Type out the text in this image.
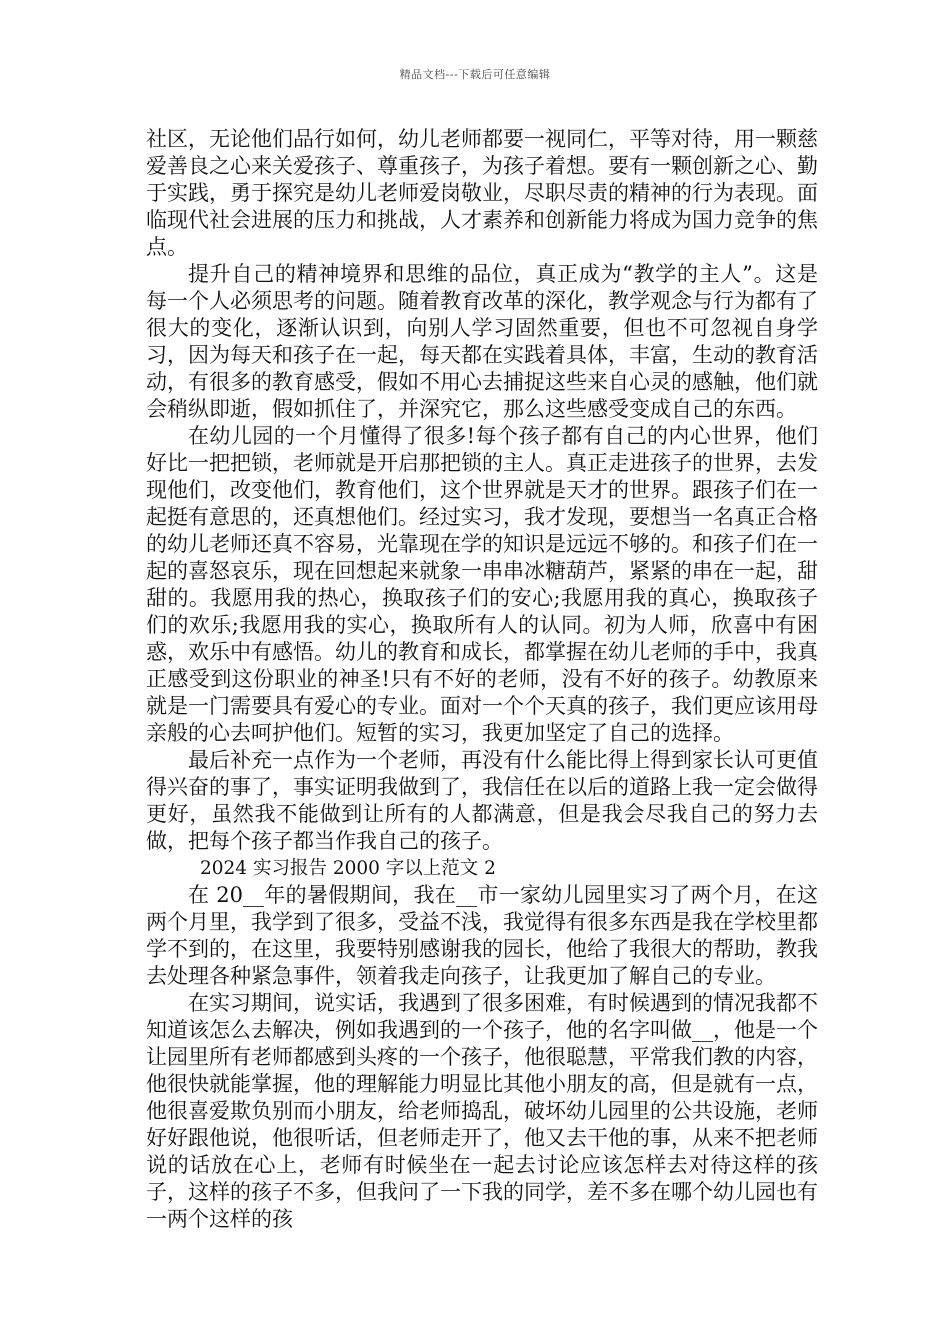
精品文档---下载后可任意编辑

社区，无论他们品行如何，幼儿老师都要一视同仁，平等对待，用一颗慈爱善良之心来关爱孩子、尊重孩子，为孩子着想。要有一颗创新之心、勤于实践，勇于探究是幼儿老师爱岗敬业，尽职尽责的精神的行为表现。面临现代社会进展的压力和挑战，人才素养和创新能力将成为国力竞争的焦点。

提升自己的精神境界和思维的品位，真正成为“教学的主人”。这是每一个人必须思考的问题。随着教育改革的深化，教学观念与行为都有了很大的变化，逐渐认识到，向别人学习固然重要，但也不可忽视自身学习，因为每天和孩子在一起，每天都在实践着具体，丰富，生动的教育活动，有很多的教育感受，假如不用心去捕捉这些来自心灵的感触，他们就会稍纵即逝，假如抓住了，并深究它，那么这些感受变成自己的东西。

在幼儿园的一个月懂得了很多!每个孩子都有自己的内心世界，他们好比一把把锁，老师就是开启那把锁的主人。真正走进孩子的世界，去发现他们，改变他们，教育他们，这个世界就是天才的世界。跟孩子们在一起挺有意思的，还真想他们。经过实习，我才发现，要想当一名真正合格的幼儿老师还真不容易，光靠现在学的知识是远远不够的。和孩子们在一起的喜怒哀乐，现在回想起来就象一串串冰糖葫芦，紧紧的串在一起，甜甜的。我愿用我的热心，换取孩子们的安心;我愿用我的真心，换取孩子们的欢乐;我愿用我的实心，换取所有人的认同。初为人师，欣喜中有困惑，欢乐中有感悟。幼儿的教育和成长，都掌握在幼儿老师的手中，我真正感受到这份职业的神圣!只有不好的老师，没有不好的孩子。幼教原来就是一门需要具有爱心的专业。面对一个个天真的孩子，我们更应该用母亲般的心去呵护他们。短暂的实习，我更加坚定了自己的选择。

最后补充一点作为一个老师，再没有什么能比得上得到家长认可更值得兴奋的事了，事实证明我做到了，我信任在以后的道路上我一定会做得更好，虽然我不能做到让所有的人都满意，但是我会尽我自己的努力去做，把每个孩子都当作我自己的孩子。

2024 实习报告 2000 字以上范文 2

在 20__年的暑假期间，我在__市一家幼儿园里实习了两个月，在这两个月里，我学到了很多，受益不浅，我觉得有很多东西是我在学校里都学不到的，在这里，我要特别感谢我的园长，他给了我很大的帮助，教我去处理各种紧急事件，领着我走向孩子，让我更加了解自己的专业。

在实习期间，说实话，我遇到了很多困难，有时候遇到的情况我都不知道该怎么去解决，例如我遇到的一个孩子，他的名字叫做__，他是一个让园里所有老师都感到头疼的一个孩子，他很聪慧，平常我们教的内容，他很快就能掌握，他的理解能力明显比其他小朋友的高，但是就有一点，他很喜爱欺负别而小朋友，给老师捣乱，破坏幼儿园里的公共设施，老师好好跟他说，他很听话，但老师走开了，他又去干他的事，从来不把老师说的话放在心上，老师有时候坐在一起去讨论应该怎样去对待这样的孩子，这样的孩子不多，但我问了一下我的同学，差不多在哪个幼儿园也有一两个这样的孩
